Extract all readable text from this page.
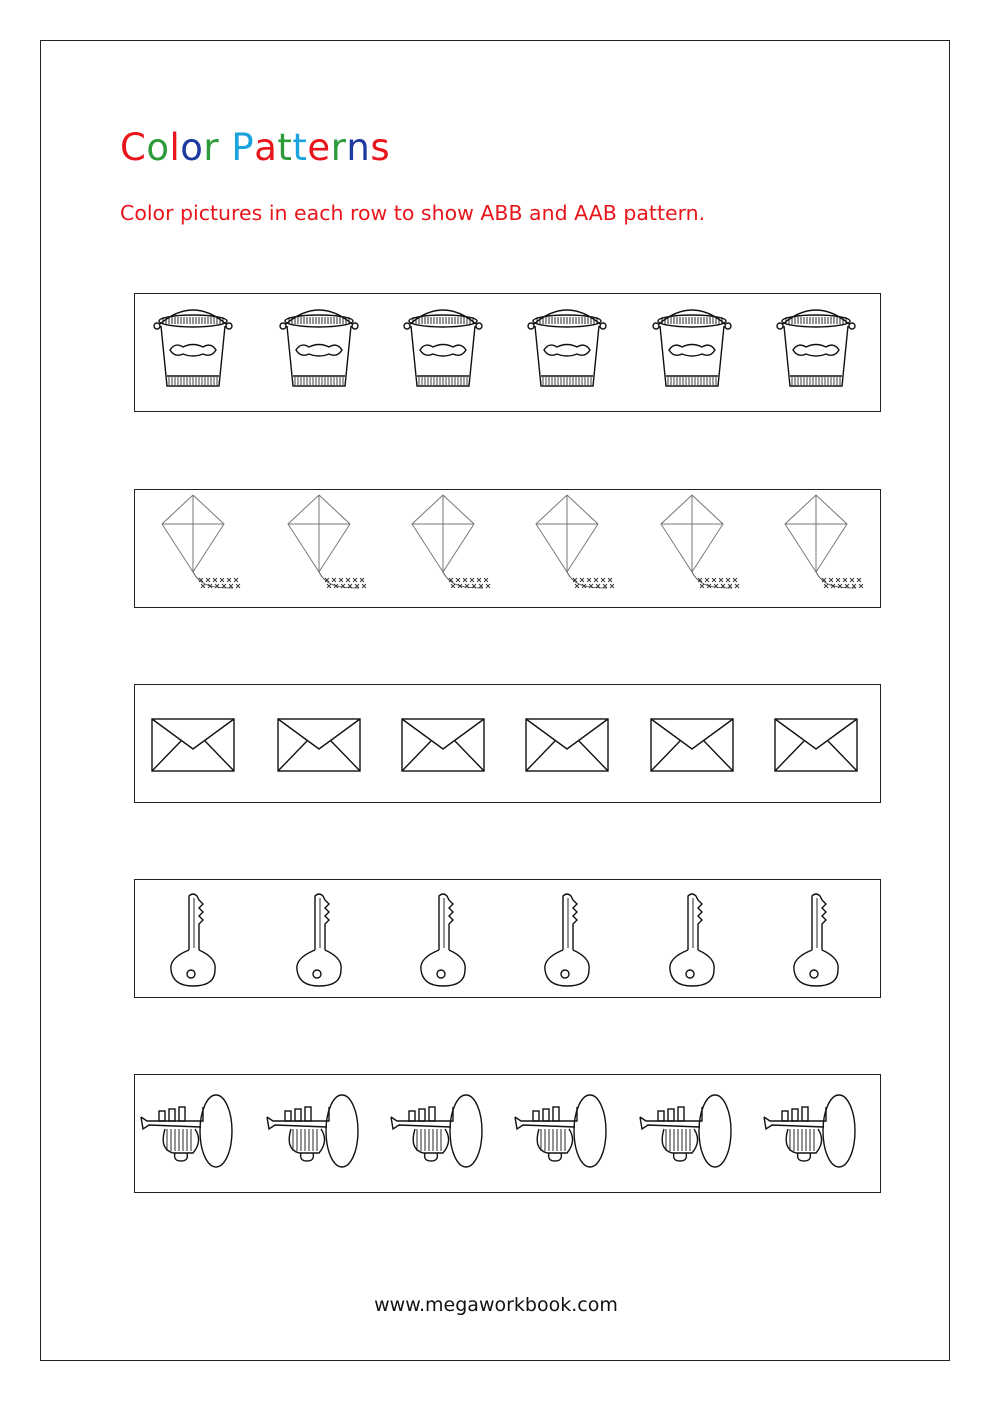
Color Patterns
Color pictures in each row to show ABB and AAB pattern.
www.megaworkbook.com
